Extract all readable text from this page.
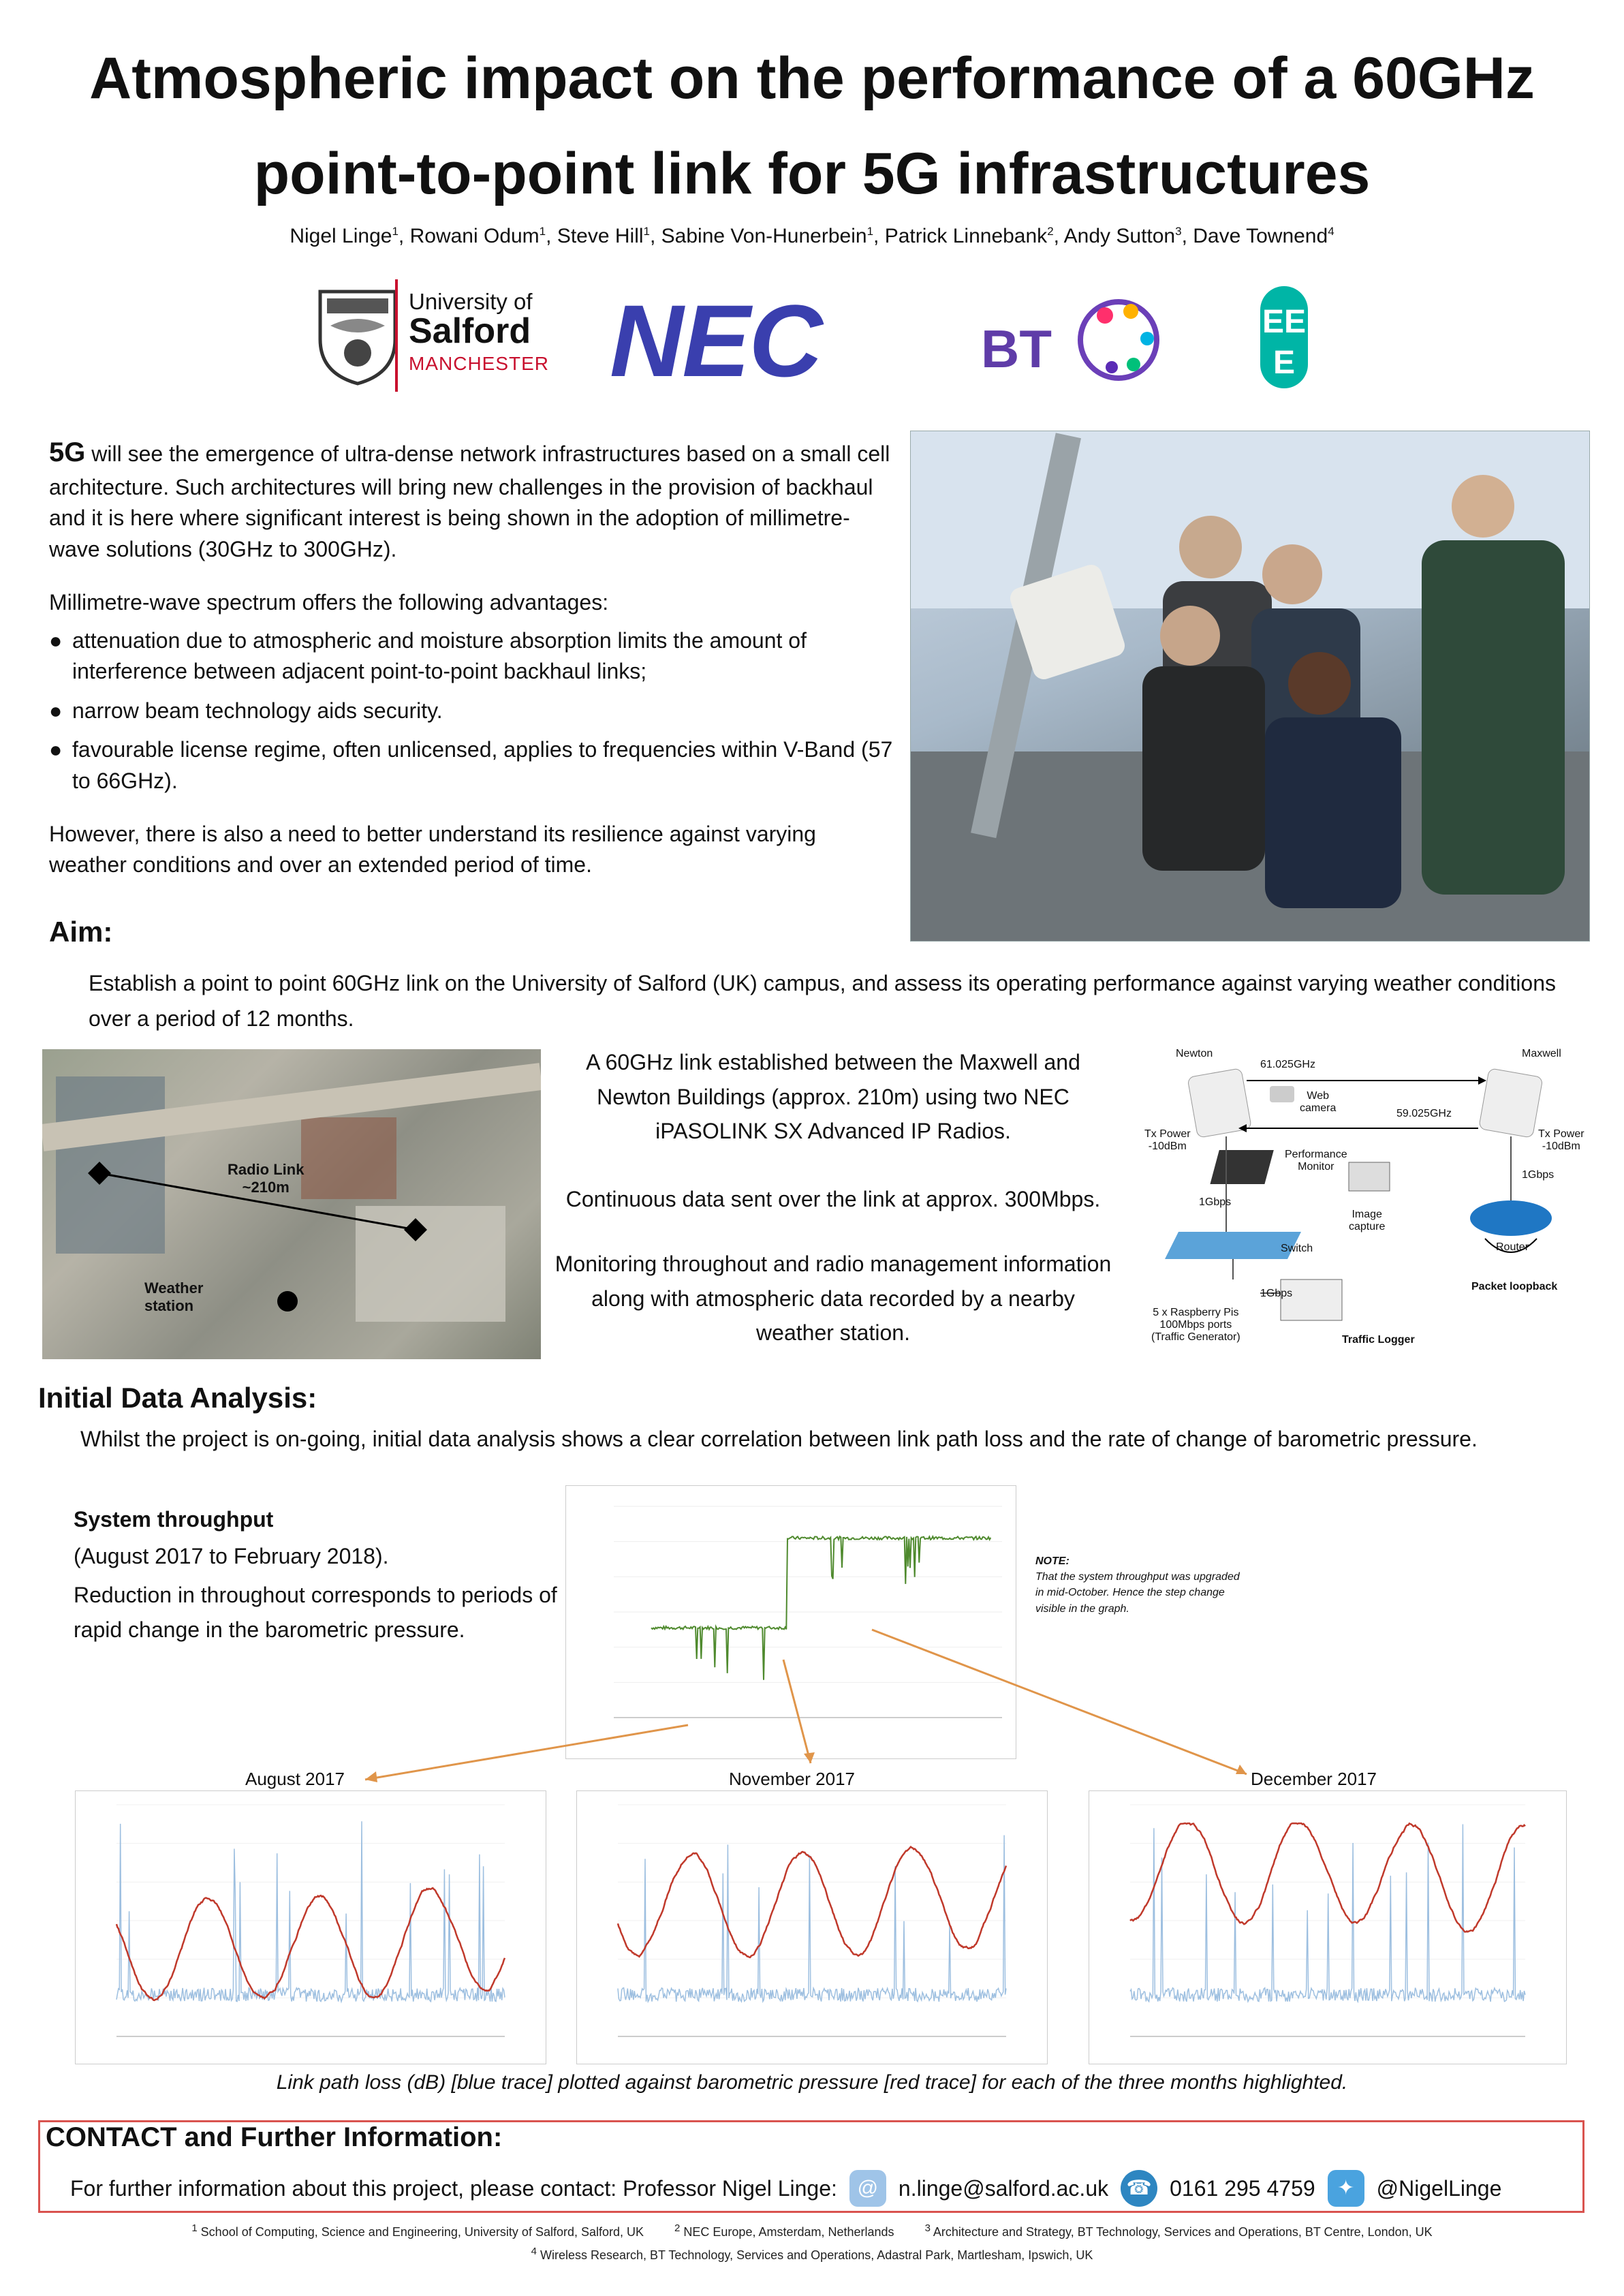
Atmospheric impact on the performance of a 60GHz
point-to-point link for 5G infrastructures
Nigel Linge$^1$, Rowani Odum$^1$, Steve Hill$^1$, Sabine Von-Hunerbein$^1$, Patrick Linnebank$^2$, Andy Sutton$^3$, Dave Townend$^4$
University of
Salford
MANCHESTER NEC	BT	EE
E
5G will see the emergence of ultra-dense network infrastructures based on a small cell architecture. Such architectures will bring new challenges in the provision of backhaul and it is here where significant interest is being shown in the adoption of millimetre-wave solutions (30GHz to 300GHz).
Millimetre-wave spectrum offers the following advantages:
● attenuation due to atmospheric and moisture absorption limits the amount of interference between adjacent point-to-point backhaul links;
● narrow beam technology aids security.
● favourable license regime, often unlicensed, applies to frequencies within V-Band (57 to 66GHz).
However, there is also a need to better understand its resilience against varying weather conditions and over an extended period of time.
Aim:
Establish a point to point 60GHz link on the University of Salford (UK) campus, and assess its operating performance against varying weather conditions over a period of 12 months.
Radio Link
~210m
Weather
station
A 60GHz link established between the Maxwell and Newton Buildings (approx. 210m) using two NEC iPASOLINK SX Advanced IP Radios.
Continuous data sent over the link at approx. 300Mbps.
Monitoring throughout and radio management information along with atmospheric data recorded by a nearby weather station.
Newton	Maxwell
61.025GHz
59.025GHz
Web
camera
Tx Power
-10dBm
Tx Power
-10dBm
Performance
Monitor
1Gbps
1Gbps
Image
capture
Switch	Router
Packet loopback
1Gbps
5 x Raspberry Pis
100Mbps ports
(Traffic Generator)	Traffic Logger
Initial Data Analysis:
Whilst the project is on-going, initial data analysis shows a clear correlation between link path loss and the rate of change of barometric pressure.
System throughput
(August 2017 to February 2018).
Reduction in throughout corresponds to periods of rapid change in the barometric pressure.
NOTE:
That the system throughput was upgraded in mid-October. Hence the step change visible in the graph.
August 2017	November 2017	December 2017
Link path loss (dB) [blue trace] plotted against barometric pressure [red trace] for each of the three months highlighted.
CONTACT and Further Information:
For further information about this project, please contact: Professor Nigel Linge: @ n.linge@salford.ac.uk ☎ 0161 295 4759	✦	@NigelLinge
$^1$ School of Computing, Science and Engineering, University of Salford, Salford, UK	$^2$ NEC Europe, Amsterdam, Netherlands	$^3$ Architecture and Strategy, BT Technology, Services and Operations, BT Centre, London, UK
$^4$ Wireless Research, BT Technology, Services and Operations, Adastral Park, Martlesham, Ipswich, UK
